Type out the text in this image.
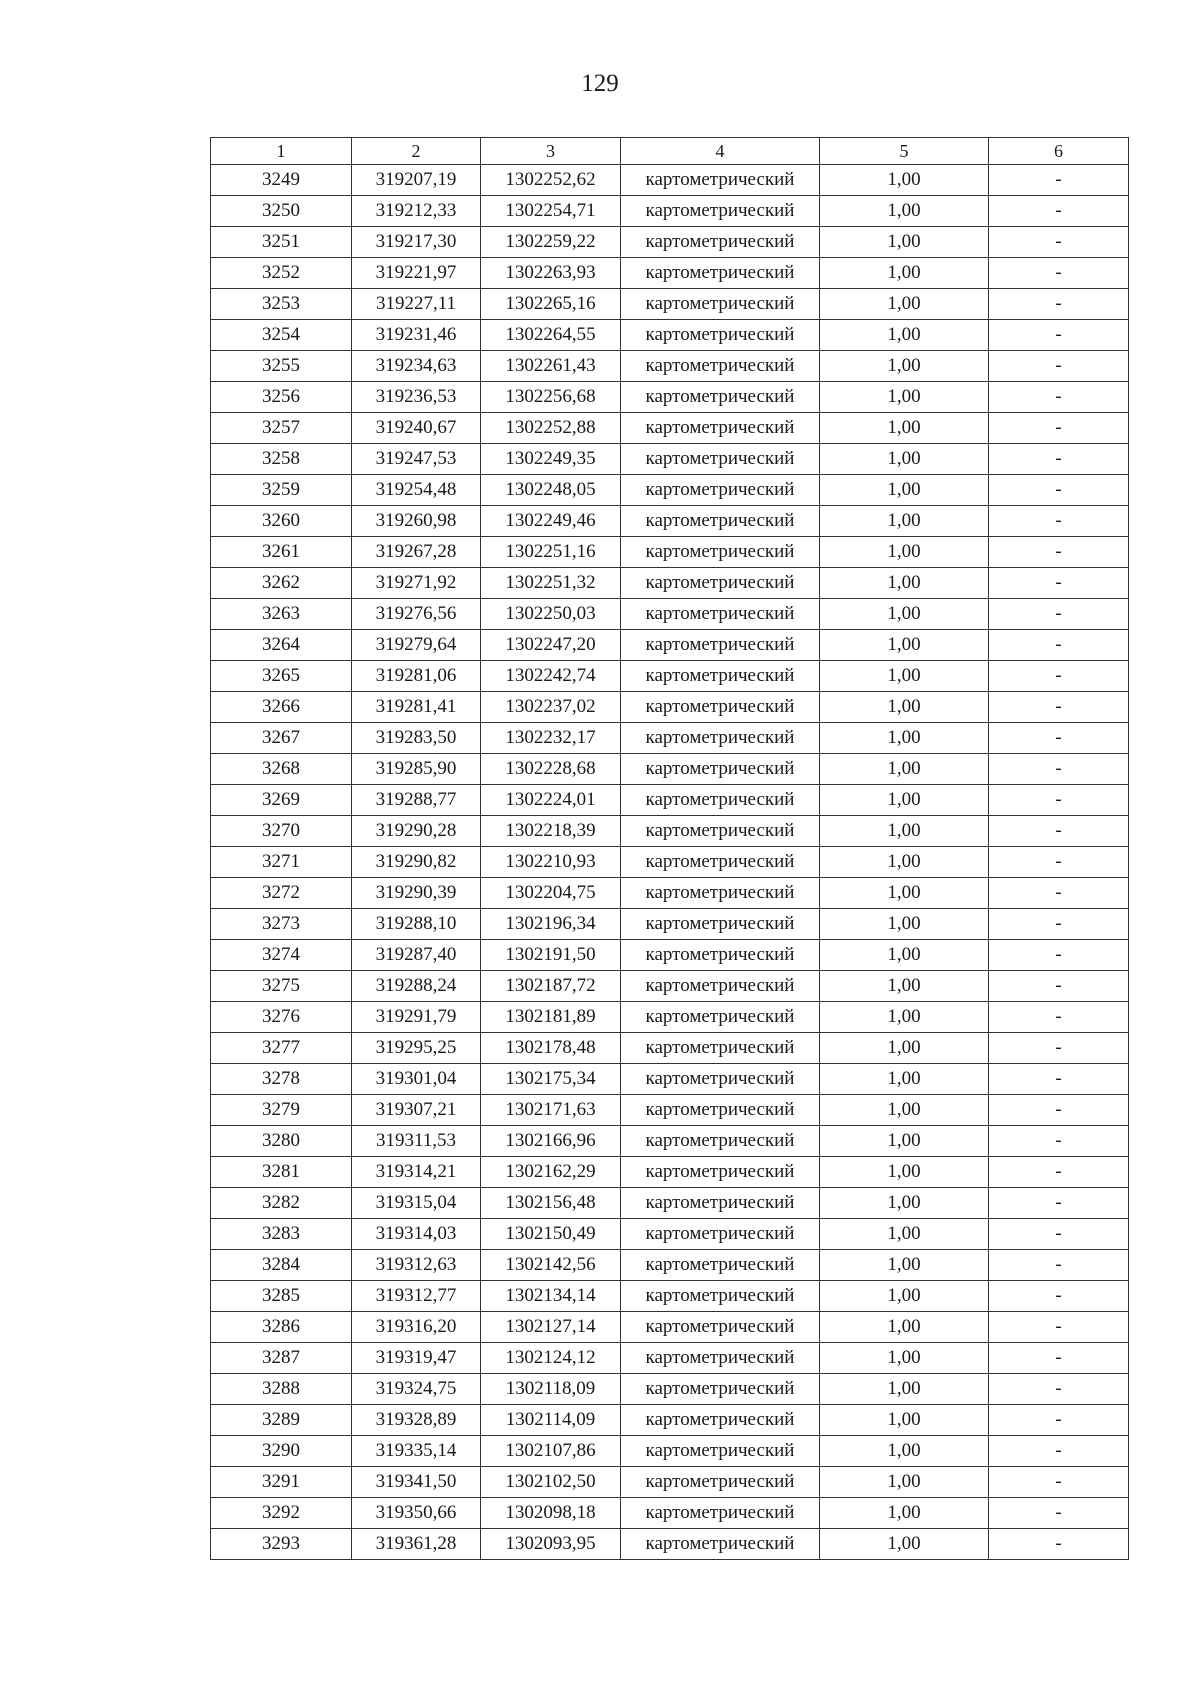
129
1	2	3	4	5	6
3249	319207,19	1302252,62	картометрический	1,00	-
3250	319212,33	1302254,71	картометрический	1,00	-
3251	319217,30	1302259,22	картометрический	1,00	-
3252	319221,97	1302263,93	картометрический	1,00	-
3253	319227,11	1302265,16	картометрический	1,00	-
3254	319231,46	1302264,55	картометрический	1,00	-
3255	319234,63	1302261,43	картометрический	1,00	-
3256	319236,53	1302256,68	картометрический	1,00	-
3257	319240,67	1302252,88	картометрический	1,00	-
3258	319247,53	1302249,35	картометрический	1,00	-
3259	319254,48	1302248,05	картометрический	1,00	-
3260	319260,98	1302249,46	картометрический	1,00	-
3261	319267,28	1302251,16	картометрический	1,00	-
3262	319271,92	1302251,32	картометрический	1,00	-
3263	319276,56	1302250,03	картометрический	1,00	-
3264	319279,64	1302247,20	картометрический	1,00	-
3265	319281,06	1302242,74	картометрический	1,00	-
3266	319281,41	1302237,02	картометрический	1,00	-
3267	319283,50	1302232,17	картометрический	1,00	-
3268	319285,90	1302228,68	картометрический	1,00	-
3269	319288,77	1302224,01	картометрический	1,00	-
3270	319290,28	1302218,39	картометрический	1,00	-
3271	319290,82	1302210,93	картометрический	1,00	-
3272	319290,39	1302204,75	картометрический	1,00	-
3273	319288,10	1302196,34	картометрический	1,00	-
3274	319287,40	1302191,50	картометрический	1,00	-
3275	319288,24	1302187,72	картометрический	1,00	-
3276	319291,79	1302181,89	картометрический	1,00	-
3277	319295,25	1302178,48	картометрический	1,00	-
3278	319301,04	1302175,34	картометрический	1,00	-
3279	319307,21	1302171,63	картометрический	1,00	-
3280	319311,53	1302166,96	картометрический	1,00	-
3281	319314,21	1302162,29	картометрический	1,00	-
3282	319315,04	1302156,48	картометрический	1,00	-
3283	319314,03	1302150,49	картометрический	1,00	-
3284	319312,63	1302142,56	картометрический	1,00	-
3285	319312,77	1302134,14	картометрический	1,00	-
3286	319316,20	1302127,14	картометрический	1,00	-
3287	319319,47	1302124,12	картометрический	1,00	-
3288	319324,75	1302118,09	картометрический	1,00	-
3289	319328,89	1302114,09	картометрический	1,00	-
3290	319335,14	1302107,86	картометрический	1,00	-
3291	319341,50	1302102,50	картометрический	1,00	-
3292	319350,66	1302098,18	картометрический	1,00	-
3293	319361,28	1302093,95	картометрический	1,00	-
